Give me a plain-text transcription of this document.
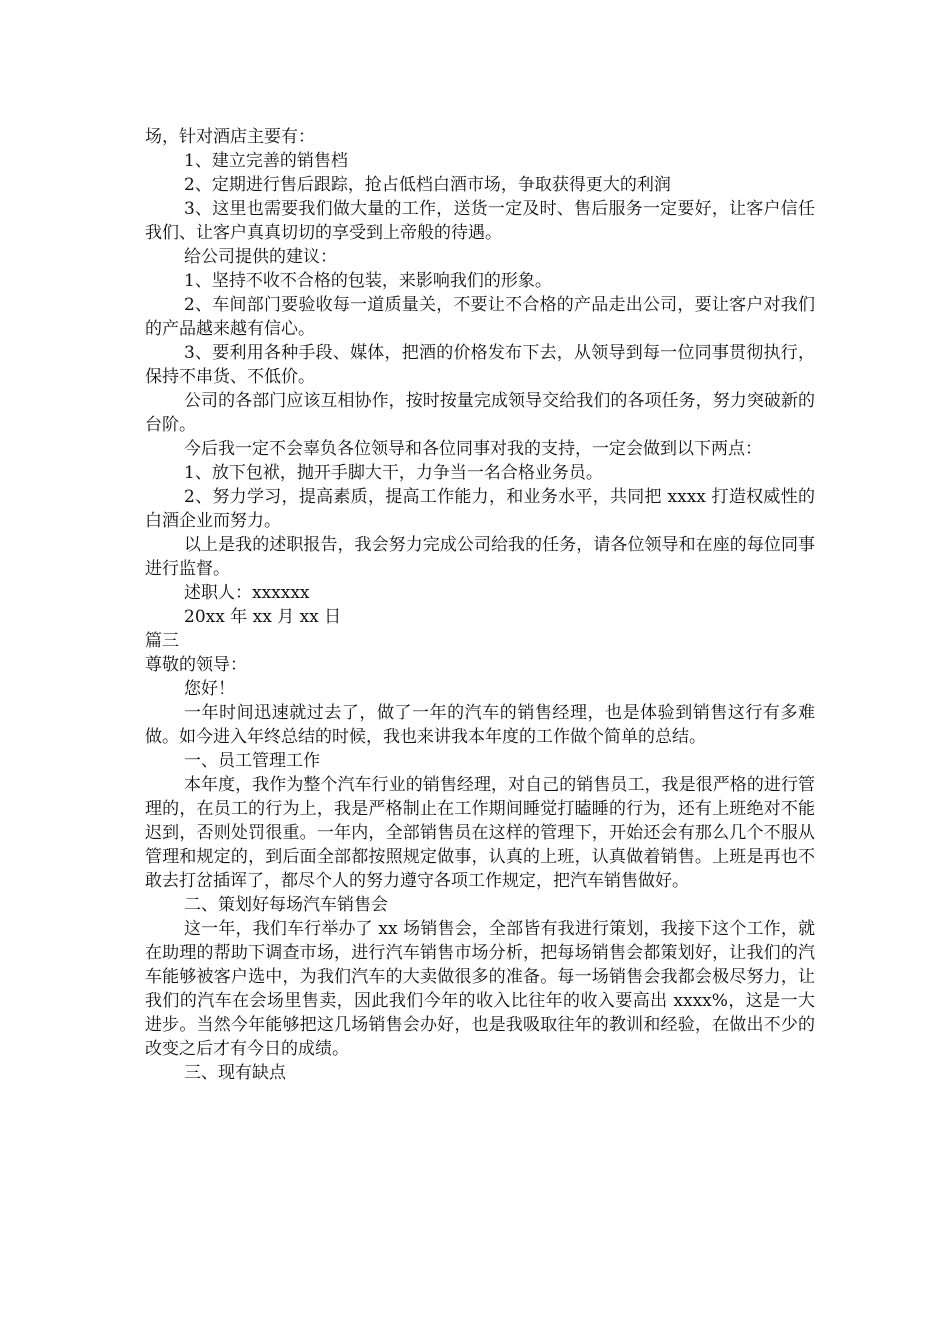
场，针对酒店主要有：

1、建立完善的销售档

2、定期进行售后跟踪，抢占低档白酒市场，争取获得更大的利润

3、这里也需要我们做大量的工作，送货一定及时、售后服务一定要好，让客户信任我们、让客户真真切切的享受到上帝般的待遇。

给公司提供的建议：

1、坚持不收不合格的包装，来影响我们的形象。

2、车间部门要验收每一道质量关，不要让不合格的产品走出公司，要让客户对我们的产品越来越有信心。

3、要利用各种手段、媒体，把酒的价格发布下去，从领导到每一位同事贯彻执行，保持不串货、不低价。

公司的各部门应该互相协作，按时按量完成领导交给我们的各项任务，努力突破新的台阶。

今后我一定不会辜负各位领导和各位同事对我的支持，一定会做到以下两点：

1、放下包袱，抛开手脚大干，力争当一名合格业务员。

2、努力学习，提高素质，提高工作能力，和业务水平，共同把 xxxx 打造权威性的白酒企业而努力。

以上是我的述职报告，我会努力完成公司给我的任务，请各位领导和在座的每位同事进行监督。

述职人：xxxxxx

20xx 年 xx 月 xx 日

篇三

尊敬的领导：

您好！

一年时间迅速就过去了，做了一年的汽车的销售经理，也是体验到销售这行有多难做。如今进入年终总结的时候，我也来讲我本年度的工作做个简单的总结。

一、员工管理工作

本年度，我作为整个汽车行业的销售经理，对自己的销售员工，我是很严格的进行管理的，在员工的行为上，我是严格制止在工作期间睡觉打瞌睡的行为，还有上班绝对不能迟到，否则处罚很重。一年内，全部销售员在这样的管理下，开始还会有那么几个不服从管理和规定的，到后面全部都按照规定做事，认真的上班，认真做着销售。上班是再也不敢去打岔插诨了，都尽个人的努力遵守各项工作规定，把汽车销售做好。

二、策划好每场汽车销售会

这一年，我们车行举办了 xx 场销售会，全部皆有我进行策划，我接下这个工作，就在助理的帮助下调查市场，进行汽车销售市场分析，把每场销售会都策划好，让我们的汽车能够被客户选中，为我们汽车的大卖做很多的准备。每一场销售会我都会极尽努力，让我们的汽车在会场里售卖，因此我们今年的收入比往年的收入要高出 xxxx%，这是一大进步。当然今年能够把这几场销售会办好，也是我吸取往年的教训和经验，在做出不少的改变之后才有今日的成绩。

三、现有缺点
